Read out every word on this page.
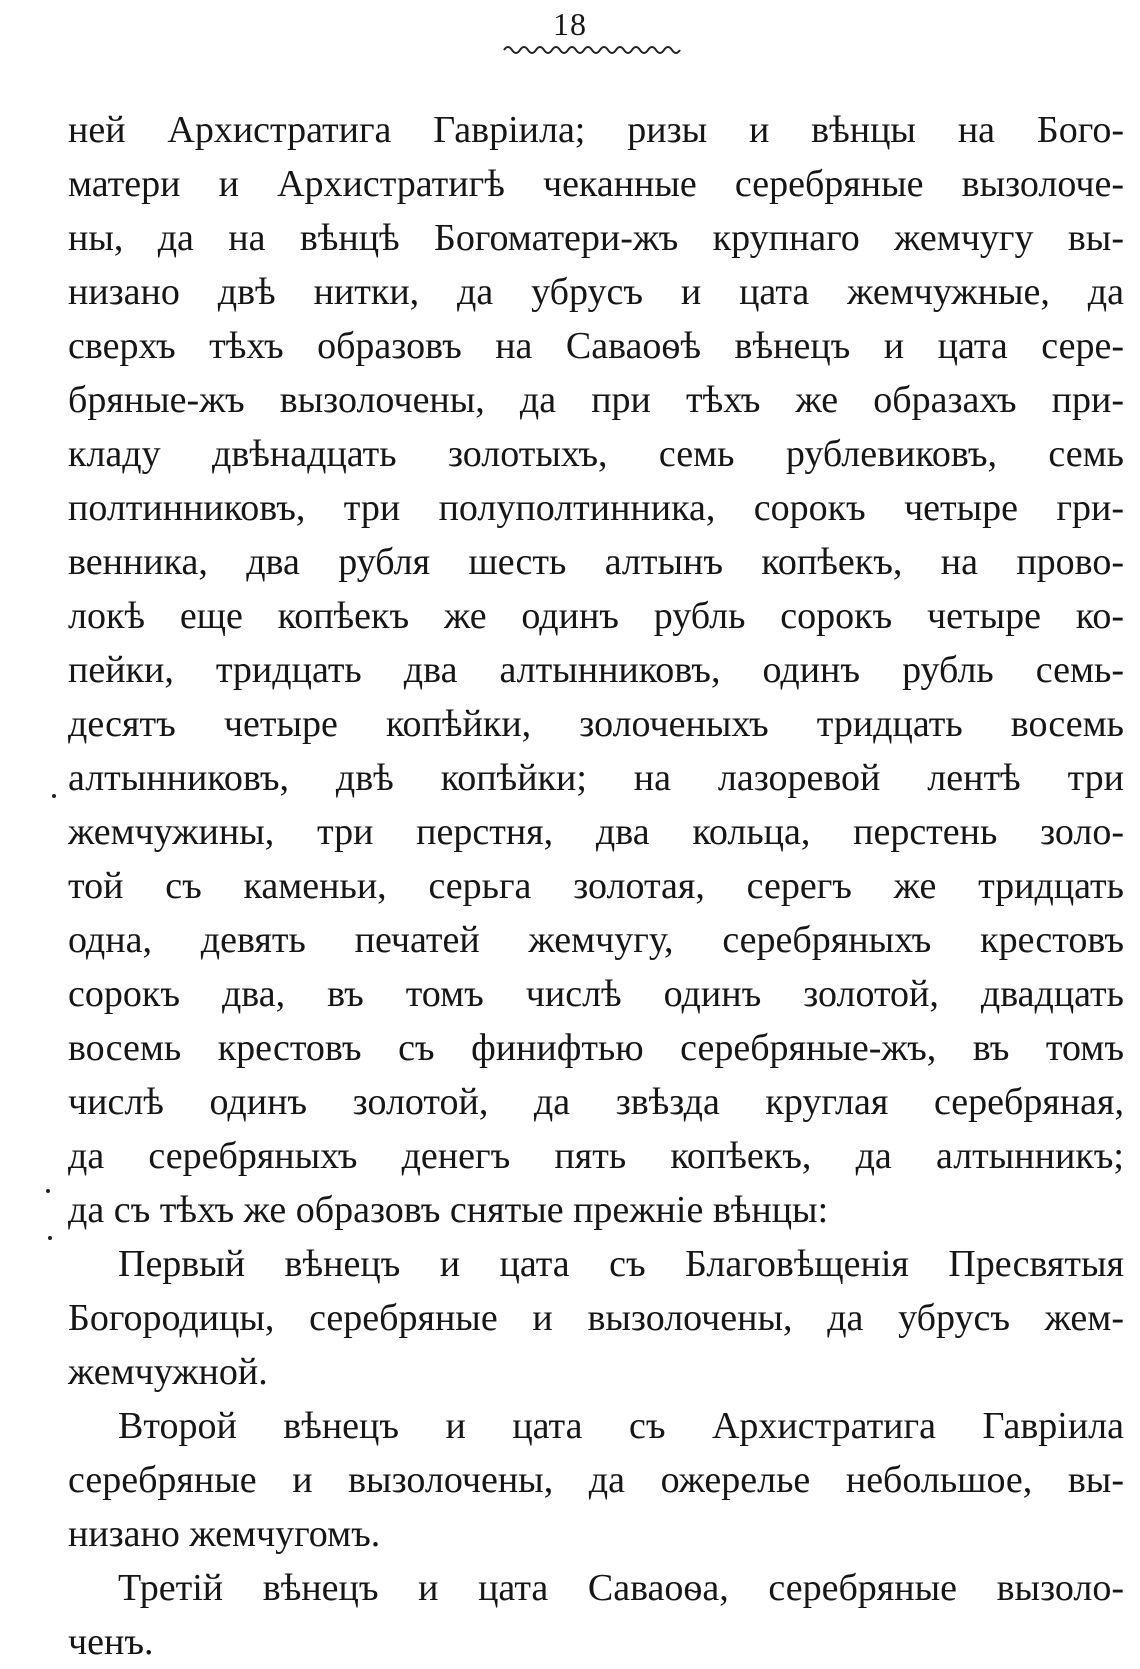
18
ней Архистратига Гавріила; ризы и вѣнцы на Бого-
матери и Архистратигѣ чеканные серебряные вызолоче-
ны, да на вѣнцѣ Богоматери-жъ крупнаго жемчугу вы-
низано двѣ нитки, да убрусъ и цата жемчужные, да
сверхъ тѣхъ образовъ на Саваоѳѣ вѣнецъ и цата сере-
бряные-жъ вызолочены, да при тѣхъ же образахъ при-
кладу двѣнадцать золотыхъ, семь рублевиковъ, семь
полтинниковъ, три полуполтинника, сорокъ четыре гри-
венника, два рубля шесть алтынъ копѣекъ, на прово-
локѣ еще копѣекъ же одинъ рубль сорокъ четыре ко-
пейки, тридцать два алтынниковъ, одинъ рубль семь-
десятъ четыре копѣйки, золоченыхъ тридцать восемь
алтынниковъ, двѣ копѣйки; на лазоревой лентѣ три
жемчужины, три перстня, два кольца, перстень золо-
той съ каменьи, серьга золотая, серегъ же тридцать
одна, девять печатей жемчугу, серебряныхъ крестовъ
сорокъ два, въ томъ числѣ одинъ золотой, двадцать
восемь крестовъ съ финифтью серебряные-жъ, въ томъ
числѣ одинъ золотой, да звѣзда круглая серебряная,
да серебряныхъ денегъ пять копѣекъ, да алтынникъ;
да съ тѣхъ же образовъ снятые прежніе вѣнцы:
Первый вѣнецъ и цата съ Благовѣщенія Пресвятыя
Богородицы, серебряные и вызолочены, да убрусъ жем-
жемчужной.
Второй вѣнецъ и цата съ Архистратига Гавріила
серебряные и вызолочены, да ожерелье небольшое, вы-
низано жемчугомъ.
Третій вѣнецъ и цата Саваоѳа, серебряные вызоло-
ченъ.
